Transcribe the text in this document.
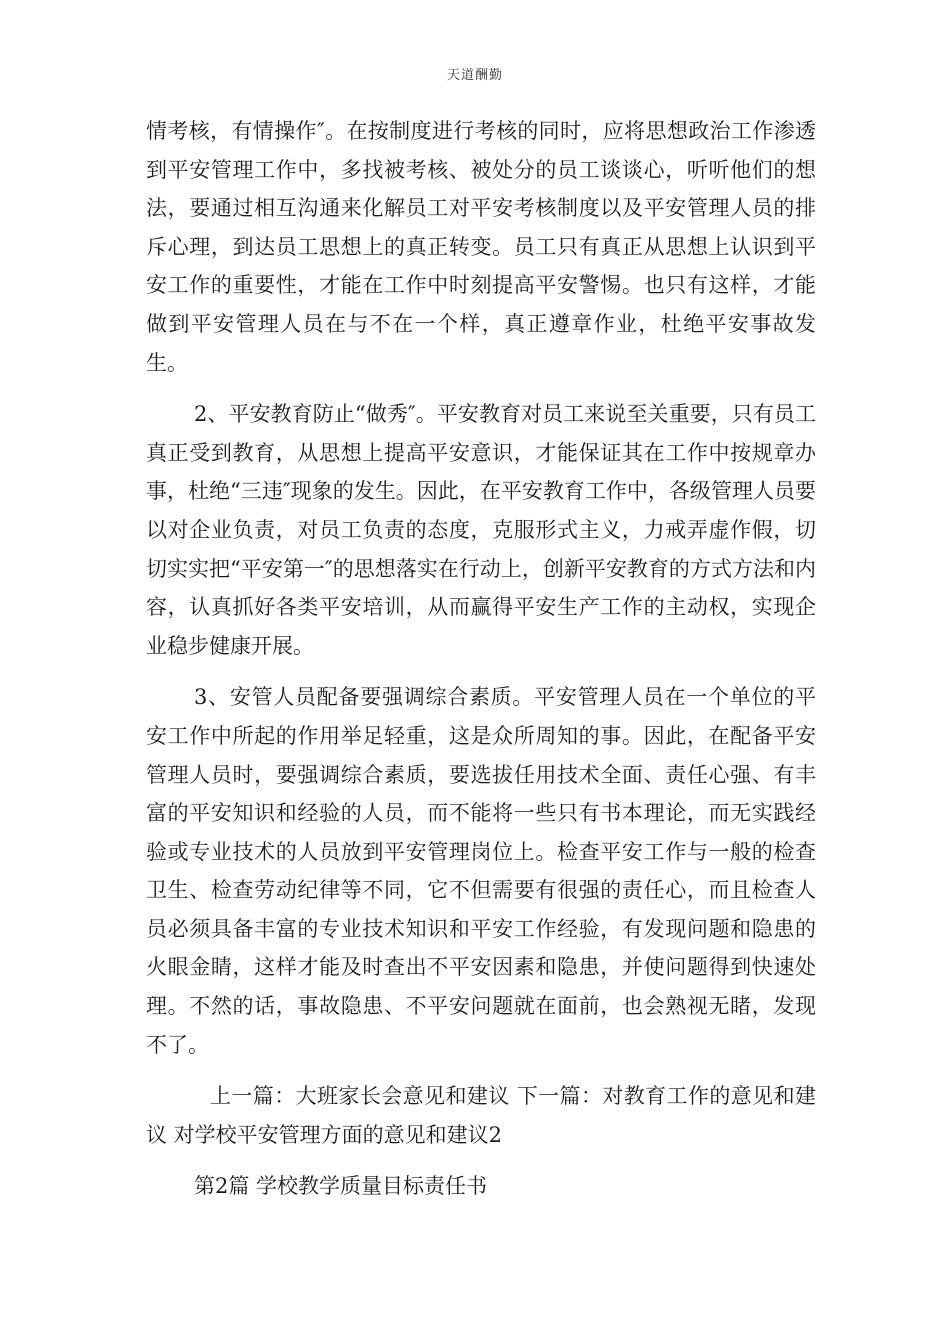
天道酬勤

情考核，有情操作″。在按制度进行考核的同时，应将思想政治工作渗透到平安管理工作中，多找被考核、被处分的员工谈谈心，听听他们的想法，要通过相互沟通来化解员工对平安考核制度以及平安管理人员的排斥心理，到达员工思想上的真正转变。员工只有真正从思想上认识到平安工作的重要性，才能在工作中时刻提高平安警惕。也只有这样，才能做到平安管理人员在与不在一个样，真正遵章作业，杜绝平安事故发生。

2、平安教育防止“做秀″。平安教育对员工来说至关重要，只有员工真正受到教育，从思想上提高平安意识，才能保证其在工作中按规章办事，杜绝“三违″现象的发生。因此，在平安教育工作中，各级管理人员要以对企业负责，对员工负责的态度，克服形式主义，力戒弄虚作假，切切实实把“平安第一″的思想落实在行动上，创新平安教育的方式方法和内容，认真抓好各类平安培训，从而赢得平安生产工作的主动权，实现企业稳步健康开展。

3、安管人员配备要强调综合素质。平安管理人员在一个单位的平安工作中所起的作用举足轻重，这是众所周知的事。因此，在配备平安管理人员时，要强调综合素质，要选拔任用技术全面、责任心强、有丰富的平安知识和经验的人员，而不能将一些只有书本理论，而无实践经验或专业技术的人员放到平安管理岗位上。检查平安工作与一般的检查卫生、检查劳动纪律等不同，它不但需要有很强的责任心，而且检查人员必须具备丰富的专业技术知识和平安工作经验，有发现问题和隐患的火眼金睛，这样才能及时查出不平安因素和隐患，并使问题得到快速处理。不然的话，事故隐患、不平安问题就在面前，也会熟视无睹，发现不了。

上一篇：大班家长会意见和建议 下一篇：对教育工作的意见和建议 对学校平安管理方面的意见和建议2

第2篇 学校教学质量目标责任书
